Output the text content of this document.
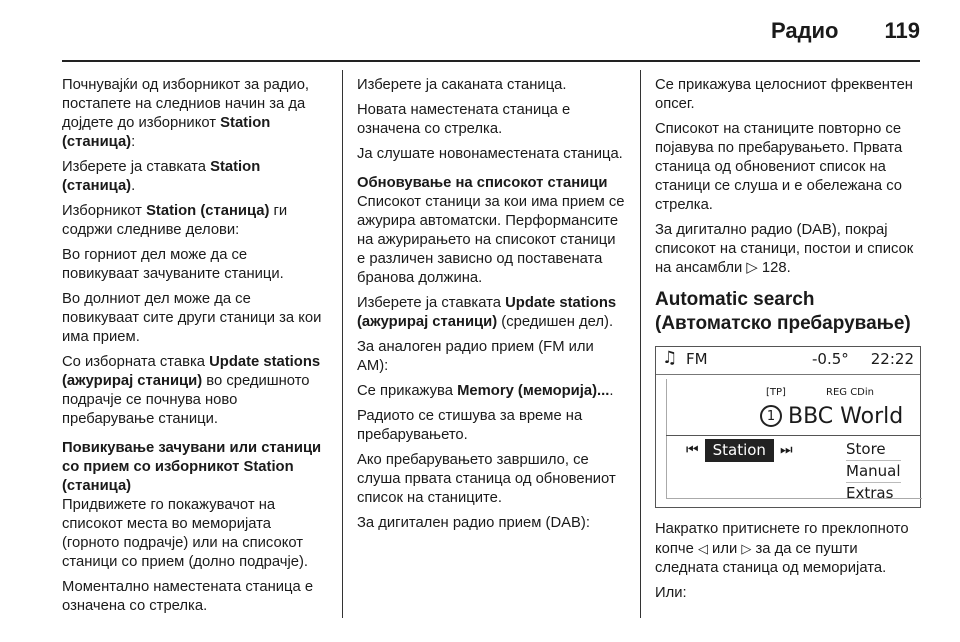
Радио 119

Почнувајќи од изборникот за радио, постапете на следниов начин за да дојдете до изборникот Station (станица):

Изберете ја ставката Station (станица).

Изборникот Station (станица) ги содржи следниве делови:

Во горниот дел може да се повикуваат зачуваните станици.

Во долниот дел може да се повикуваат сите други станици за кои има прием.

Со изборната ставка Update stations (ажурирај станици) во средишното подрачје се почнува ново пребарување станици.

Повикување зачувани или станици со прием со изборникот Station (станица)

Придвижете го покажувачот на списокот места во меморијата (горното подрачје) или на списокот станици со прием (долно подрачје).

Моментално наместената станица е означена со стрелка.

Изберете ја саканата станица.

Новата наместената станица е означена со стрелка.

Ја слушате новонаместената станица.

Обновување на списокот станици

Списокот станици за кои има прием се ажурира автоматски. Перформансите на ажурирањето на списокот станици е различен зависно од поставената бранова должина.

Изберете ја ставката Update stations (ажурирај станици) (средишен дел).

За аналоген радио прием (FM или AM):

Се прикажува Memory (меморија)....

Радиото се стишува за време на пребарувањето.

Ако пребарувањето завршило, се слуша првата станица од обновениот список на станиците.

За дигитален радио прием (DAB):

Се прикажува целосниот фреквентен опсег.

Списокот на станиците повторно се појавува по пребарувањето. Првата станица од обновениот список на станици се слуша и е обележана со стрелка.

За дигитално радио (DAB), покрај списокот на станици, постои и список на ансамбли ▷ 128.

Automatic search (Автоматско пребарување)
♫ FM	-0.5° 22:22
[TP]	REG CDin
1 BBC World
⏮ Station	⏭	Store
Manual
Extras

Накратко притиснете го преклопното копче ◁ или ▷ за да се пушти следната станица од меморијата.

Или:
